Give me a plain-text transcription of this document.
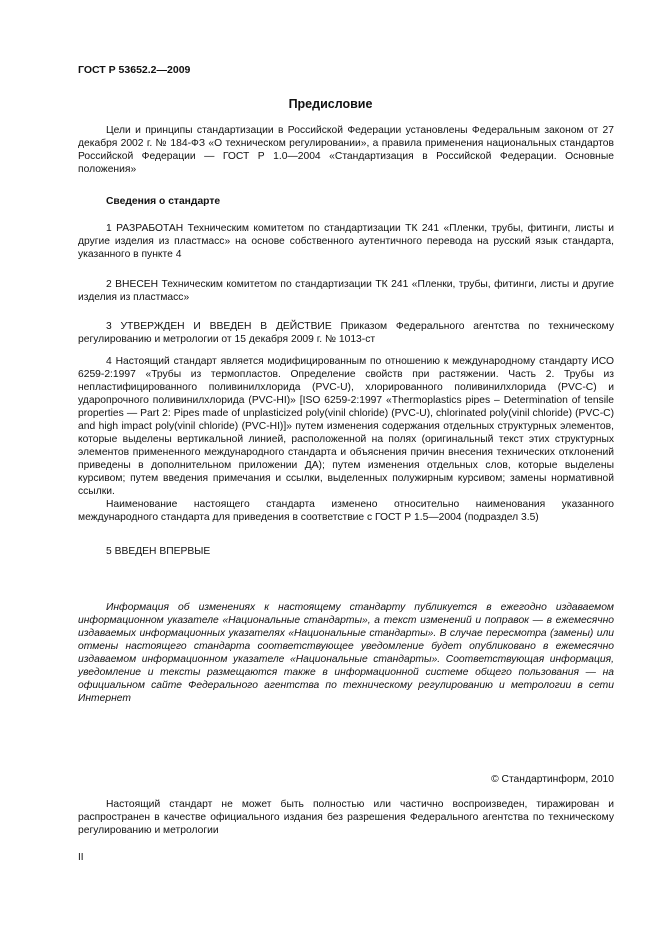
ГОСТ Р 53652.2—2009
Предисловие

Цели и принципы стандартизации в Российской Федерации установлены Федеральным законом от 27 декабря 2002 г. № 184-ФЗ «О техническом регулировании», а правила применения национальных стандартов Российской Федерации — ГОСТ Р 1.0—2004 «Стандартизация в Российской Федерации. Основные положения»

Сведения о стандарте

1 РАЗРАБОТАН Техническим комитетом по стандартизации ТК 241 «Пленки, трубы, фитинги, листы и другие изделия из пластмасс» на основе собственного аутентичного перевода на русский язык стандарта, указанного в пункте 4

2 ВНЕСЕН Техническим комитетом по стандартизации ТК 241 «Пленки, трубы, фитинги, листы и другие изделия из пластмасс»

3 УТВЕРЖДЕН И ВВЕДЕН В ДЕЙСТВИЕ Приказом Федерального агентства по техническому регулированию и метрологии от 15 декабря 2009 г. № 1013-ст

4 Настоящий стандарт является модифицированным по отношению к международному стандарту ИСО 6259-2:1997 «Трубы из термопластов. Определение свойств при растяжении. Часть 2. Трубы из непластифицированного поливинилхлорида (PVC-U), хлорированного поливинилхлорида (PVC-C) и ударопрочного поливинилхлорида (PVC-HI)» [ISO 6259-2:1997 «Thermoplastics pipes – Determination of tensile properties — Part 2: Pipes made of unplasticized poly(vinil chloride) (PVC-U), chlorinated poly(vinil chloride) (PVC-C) and high impact poly(vinil chloride) (PVC-HI)]» путем изменения содержания отдельных структурных элементов, которые выделены вертикальной линией, расположенной на полях (оригинальный текст этих структурных элементов примененного международного стандарта и объяснения причин внесения технических отклонений приведены в дополнительном приложении ДА); путем изменения отдельных слов, которые выделены курсивом; путем введения примечания и ссылки, выделенных полужирным курсивом; замены нормативной ссылки.

Наименование настоящего стандарта изменено относительно наименования указанного международного стандарта для приведения в соответствие с ГОСТ Р 1.5—2004 (подраздел 3.5)

5 ВВЕДЕН ВПЕРВЫЕ

Информация об изменениях к настоящему стандарту публикуется в ежегодно издаваемом информационном указателе «Национальные стандарты», а текст изменений и поправок — в ежемесячно издаваемых информационных указателях «Национальные стандарты». В случае пересмотра (замены) или отмены настоящего стандарта соответствующее уведомление будет опубликовано в ежемесячно издаваемом информационном указателе «Национальные стандарты». Соответствующая информация, уведомление и тексты размещаются также в информационной системе общего пользования — на официальном сайте Федерального агентства по техническому регулированию и метрологии в сети Интернет

© Стандартинформ, 2010

Настоящий стандарт не может быть полностью или частично воспроизведен, тиражирован и распространен в качестве официального издания без разрешения Федерального агентства по техническому регулированию и метрологии

II
